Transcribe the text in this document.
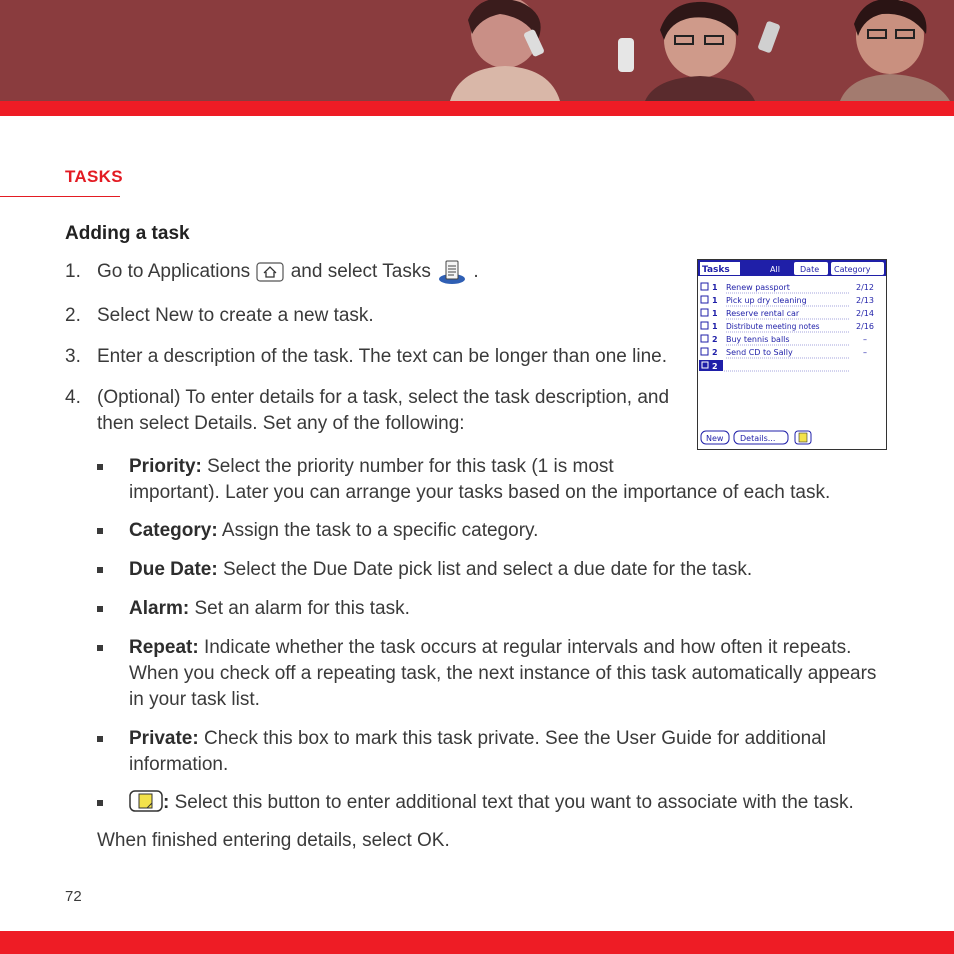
TASKS
Adding a task
1. Go to Applications and select Tasks .
2. Select New to create a new task.
3. Enter a description of the task. The text can be longer than one line.
4. (Optional) To enter details for a task, select the task description, and
then select Details. Set any of the following:
Tasks	All	Date Category
1 Renew passport	2/12
1 Pick up dry cleaning	2/13
1 Reserve rental car	2/14
1 Distribute meeting notes	2/16
2 Buy tennis balls	–
2 Send CD to Sally	–
2
New Details...
Priority: Select the priority number for this task (1 is most
important). Later you can arrange your tasks based on the importance of each task.
Category: Assign the task to a specific category.
Due Date: Select the Due Date pick list and select a due date for the task.
Alarm: Set an alarm for this task.
Repeat: Indicate whether the task occurs at regular intervals and how often it repeats.
When you check off a repeating task, the next instance of this task automatically appears
in your task list.
Private: Check this box to mark this task private. See the User Guide for additional
information.
: Select this button to enter additional text that you want to associate with the task.
When finished entering details, select OK.
72
